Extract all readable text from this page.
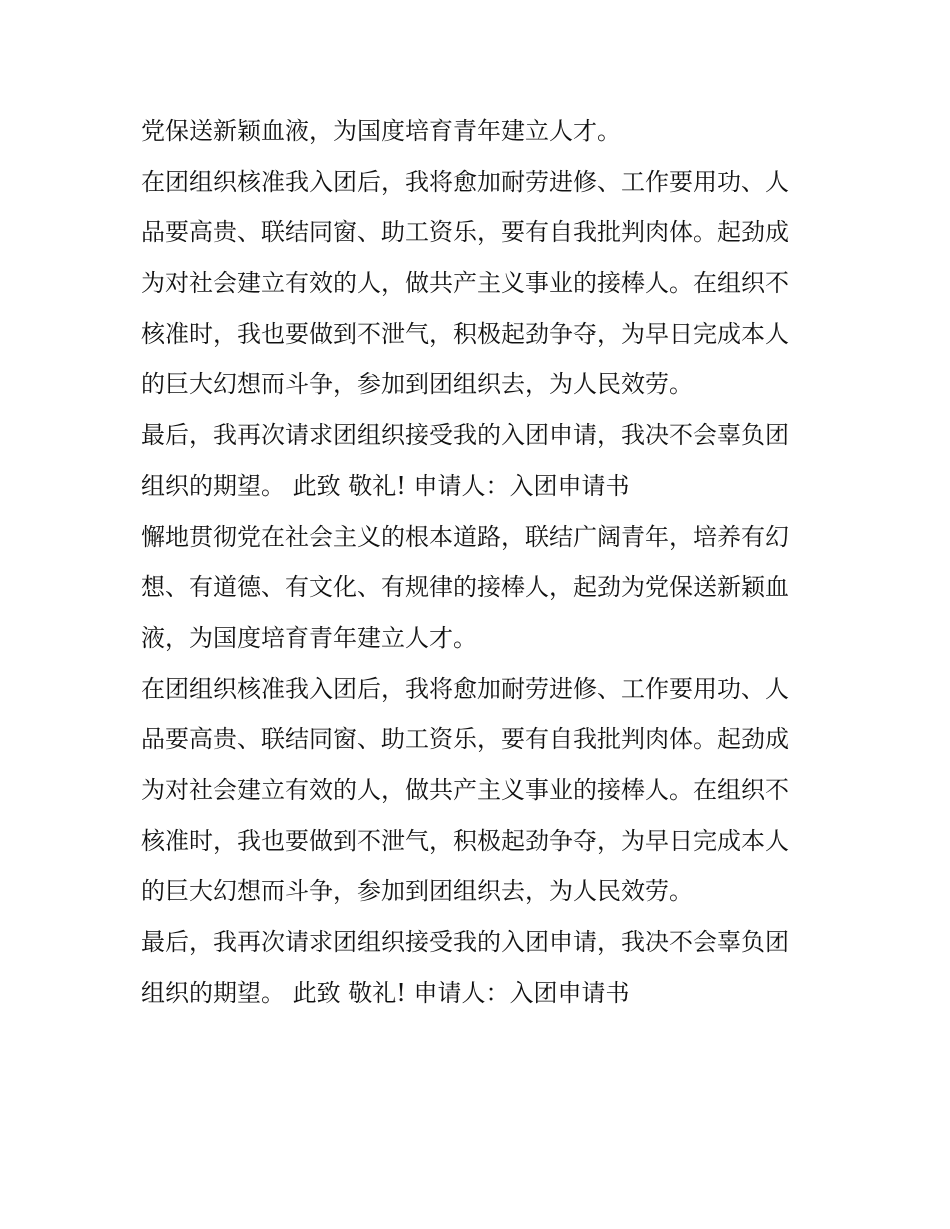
党保送新颖血液，为国度培育青年建立人才。
在团组织核准我入团后，我将愈加耐劳进修、工作要用功、人
品要高贵、联结同窗、助工资乐，要有自我批判肉体。起劲成
为对社会建立有效的人，做共产主义事业的接棒人。在组织不
核准时，我也要做到不泄气，积极起劲争夺，为早日完成本人
的巨大幻想而斗争，参加到团组织去，为人民效劳。
最后，我再次请求团组织接受我的入团申请，我决不会辜负团
组织的期望。 此致 敬礼! 申请人：入团申请书
懈地贯彻党在社会主义的根本道路，联结广阔青年，培养有幻
想、有道德、有文化、有规律的接棒人，起劲为党保送新颖血
液，为国度培育青年建立人才。
在团组织核准我入团后，我将愈加耐劳进修、工作要用功、人
品要高贵、联结同窗、助工资乐，要有自我批判肉体。起劲成
为对社会建立有效的人，做共产主义事业的接棒人。在组织不
核准时，我也要做到不泄气，积极起劲争夺，为早日完成本人
的巨大幻想而斗争，参加到团组织去，为人民效劳。
最后，我再次请求团组织接受我的入团申请，我决不会辜负团
组织的期望。 此致 敬礼! 申请人：入团申请书
